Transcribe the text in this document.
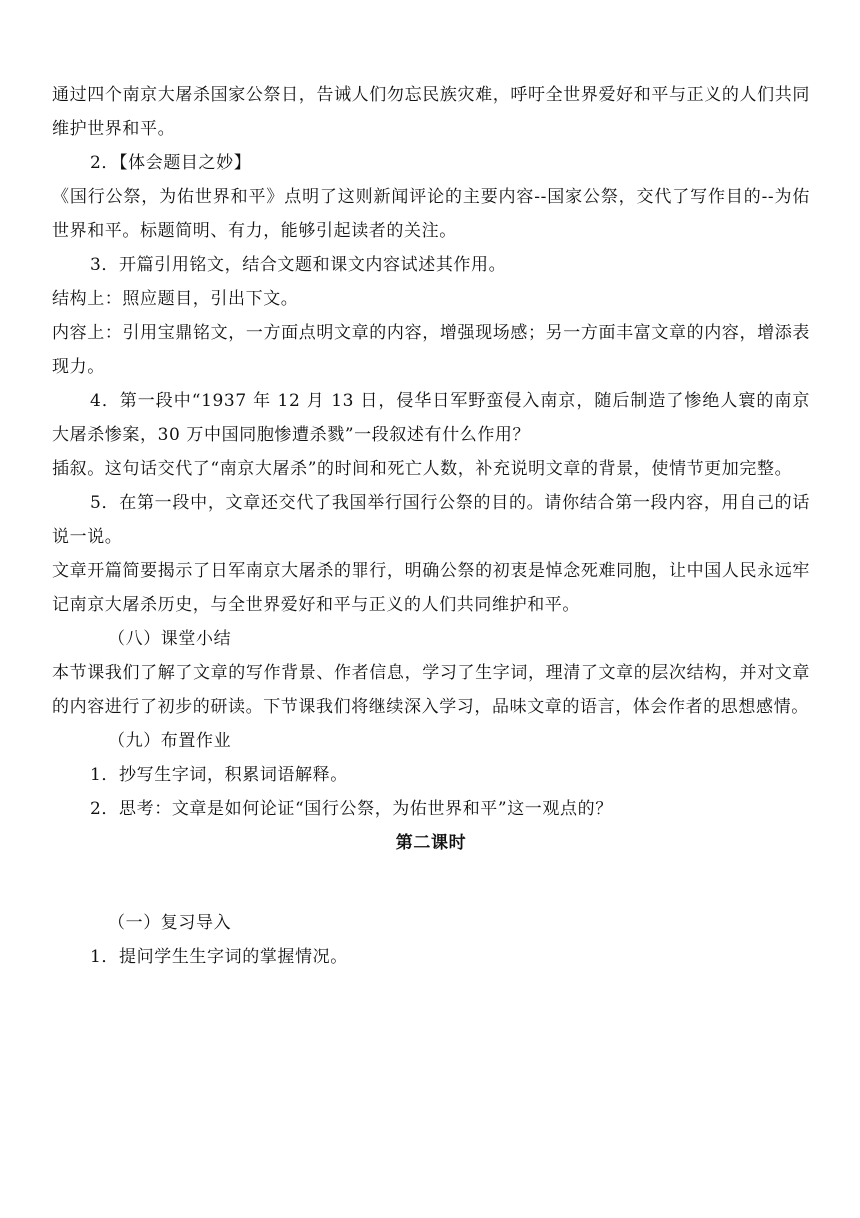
通过四个南京大屠杀国家公祭日，告诫人们勿忘民族灾难，呼吁全世界爱好和平与正义的人们共同维护世界和平。

2．【体会题目之妙】

《国行公祭，为佑世界和平》点明了这则新闻评论的主要内容--国家公祭，交代了写作目的--为佑世界和平。标题简明、有力，能够引起读者的关注。

3．开篇引用铭文，结合文题和课文内容试述其作用。

结构上：照应题目，引出下文。

内容上：引用宝鼎铭文，一方面点明文章的内容，增强现场感；另一方面丰富文章的内容，增添表现力。

4．第一段中“1937 年 12 月 13 日，侵华日军野蛮侵入南京，随后制造了惨绝人寰的南京大屠杀惨案，30 万中国同胞惨遭杀戮”一段叙述有什么作用？

插叙。这句话交代了“南京大屠杀”的时间和死亡人数，补充说明文章的背景，使情节更加完整。

5．在第一段中，文章还交代了我国举行国行公祭的目的。请你结合第一段内容，用自己的话说一说。

文章开篇简要揭示了日军南京大屠杀的罪行，明确公祭的初衷是悼念死难同胞，让中国人民永远牢记南京大屠杀历史，与全世界爱好和平与正义的人们共同维护和平。

（八）课堂小结

本节课我们了解了文章的写作背景、作者信息，学习了生字词，理清了文章的层次结构，并对文章的内容进行了初步的研读。下节课我们将继续深入学习，品味文章的语言，体会作者的思想感情。

（九）布置作业

1．抄写生字词，积累词语解释。

2．思考：文章是如何论证“国行公祭，为佑世界和平”这一观点的？

第二课时

（一）复习导入

1．提问学生生字词的掌握情况。
